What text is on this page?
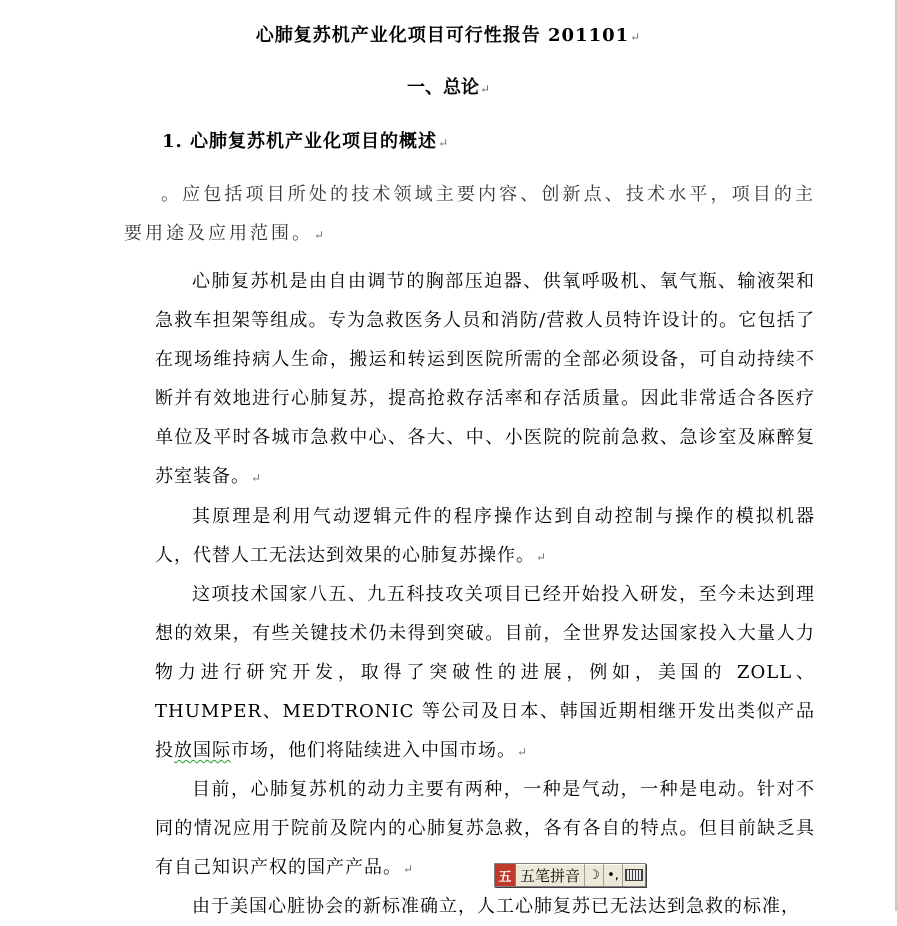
心肺复苏机产业化项目可行性报告 201101↵
一、总论↵
1. 心肺复苏机产业化项目的概述↵

。应包括项目所处的技术领域主要内容、创新点、技术水平，项目的主要用途及应用范围。↵

心肺复苏机是由自由调节的胸部压迫器、供氧呼吸机、氧气瓶、输液架和急救车担架等组成。专为急救医务人员和消防/营救人员特许设计的。它包括了在现场维持病人生命，搬运和转运到医院所需的全部必须设备，可自动持续不断并有效地进行心肺复苏，提高抢救存活率和存活质量。因此非常适合各医疗单位及平时各城市急救中心、各大、中、小医院的院前急救、急诊室及麻醉复苏室装备。↵

其原理是利用气动逻辑元件的程序操作达到自动控制与操作的模拟机器人，代替人工无法达到效果的心肺复苏操作。↵

这项技术国家八五、九五科技攻关项目已经开始投入研发，至今未达到理想的效果，有些关键技术仍未得到突破。目前，全世界发达国家投入大量人力物力进行研究开发，取得了突破性的进展，例如，美国的 ZOLL、THUMPER、MEDTRONIC 等公司及日本、韩国近期相继开发出类似产品投放国际市场，他们将陆续进入中国市场。↵

目前，心肺复苏机的动力主要有两种，一种是气动，一种是电动。针对不同的情况应用于院前及院内的心肺复苏急救，各有各自的特点。但目前缺乏具有自己知识产权的国产产品。↵

由于美国心脏协会的新标准确立，人工心肺复苏已无法达到急救的标准，

五 五笔拼音 ☽ •,
